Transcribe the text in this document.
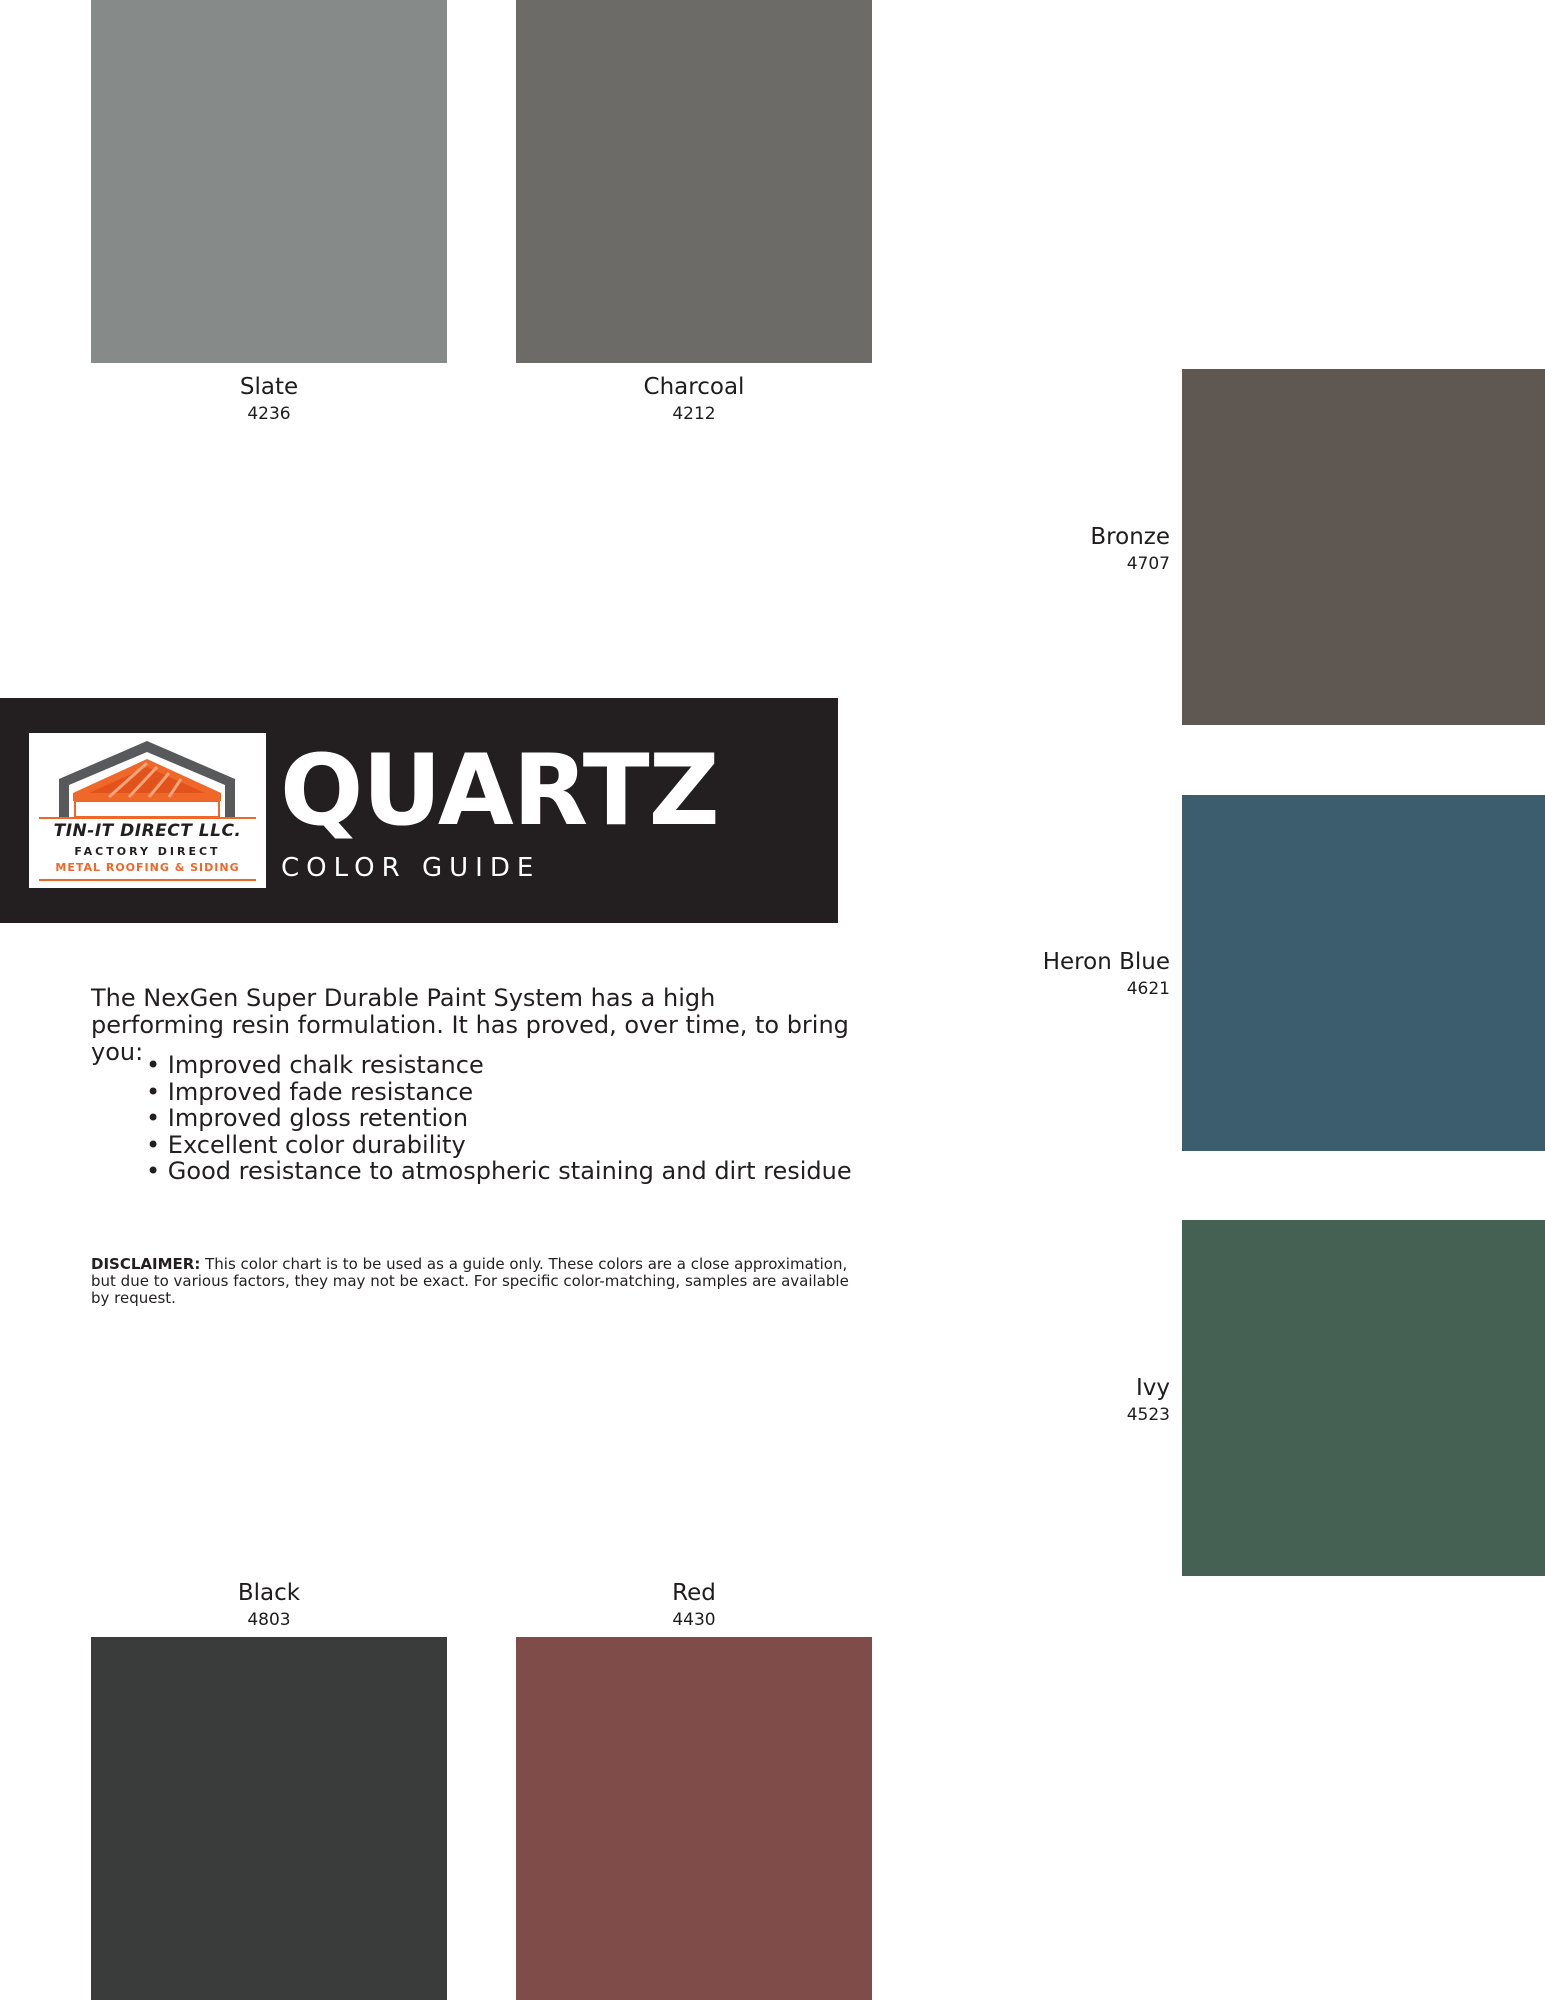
Slate
4236
Charcoal
4212
Bronze
4707
Heron Blue
4621
Ivy
4523
Black
4803
Red
4430
TIN-IT DIRECT LLC.
FACTORY DIRECT
METAL ROOFING & SIDING
QUARTZ
COLOR GUIDE

The NexGen Super Durable Paint System has a high performing resin formulation. It has proved, over time, to bring you:

•	Improved chalk resistance
• Improved fade resistance
• Improved gloss retention
• Excellent color durability
• Good resistance to atmospheric staining and dirt residue

DISCLAIMER: This color chart is to be used as a guide only. These colors are a close approximation, but due to various factors, they may not be exact. For specific color-matching, samples are available by request.
